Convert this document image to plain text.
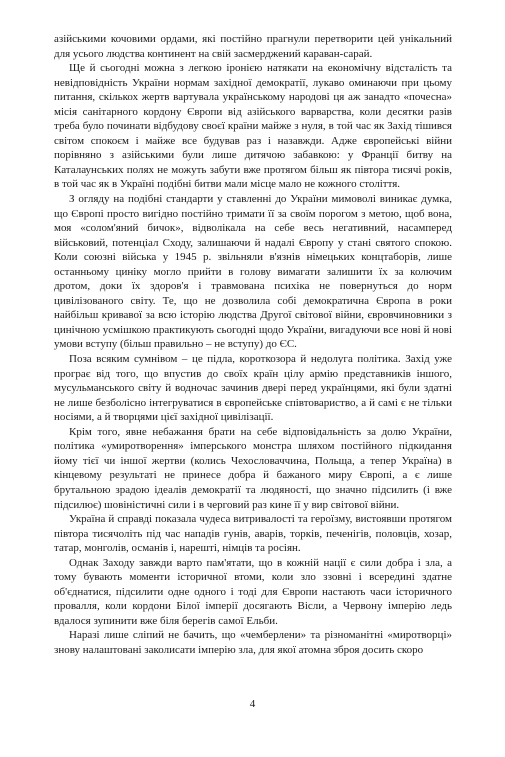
азійськими кочовими ордами, які постійно прагнули перетворити цей унікальний для усього людства континент на свій засмерджений караван-сарай.

Ще й сьогодні можна з легкою іронією натякати на економічну відсталість та невідповідність України нормам західної демократії, лукаво оминаючи при цьому питання, скількох жертв вартувала українському народові ця аж занадто «почесна» місія санітарного кордону Європи від азійського варварства, коли десятки разів треба було починати відбудову своєї країни майже з нуля, в той час як Захід тішився світом спокоєм і майже все будував раз і назавжди. Адже європейські війни порівняно з азійськими були лише дитячою забавкою: у Франції битву на Каталаунських полях не можуть забути вже протягом більш як півтора тисячі років, в той час як в Україні подібні битви мали місце мало не кожного століття.

З огляду на подібні стандарти у ставленні до України мимоволі виникає думка, що Європі просто вигідно постійно тримати її за своїм порогом з метою, щоб вона, моя «солом'яний бичок», відволікала на себе весь негативний, насамперед військовий, потенціал Сходу, залишаючи й надалі Європу у стані святого спокою. Коли союзні війська у 1945 р. звільняли в'язнів німецьких концтаборів, лише останньому цинiку могло прийти в голову вимагати залишити їх за колючим дротом, доки їх здоров'я і травмована психіка не повернуться до норм цивілізованого світу. Те, що не дозволила собі демократична Європа в роки найбільш кривавої за всю історію людства Другої світової війни, євровчиновники з цинічною усмішкою практикують сьогодні щодо України, вигадуючи все нові й нові умови вступу (більш правильно – не вступу) до ЄС.

Поза всяким сумнівом – це підла, короткозора й недолуга політика. Захід уже програє від того, що впустив до своїх країн цілу армію представників іншого, мусульманського світу й водночас зачинив двері перед українцями, які були здатні не лише безболісно інтегруватися в європейське співтовариство, а й самі є не тільки носіями, а й творцями цієї західної цивілізації.

Крім того, явне небажання брати на себе відповідальність за долю України, політика «умиротворення» імперського монстра шляхом постійного підкидання йому тієї чи іншої жертви (колись Чехословаччина, Польща, а тепер Україна) в кінцевому результаті не принесе добра й бажаного миру Європі, а є лише брутальною зрадою ідеалів демократії та людяності, що значно підсилить (і вже підсилює) шовіністичні сили і в черговий раз кине її у вир світової війни.

Україна й справді показала чудеса витривалості та героїзму, вистоявши протягом півтора тисячоліть під час нападів гунів, аварів, торків, печенігів, половців, хозар, татар, монголів, османів і, нарешті, німців та росіян.

Однак Заходу завжди варто пам'ятати, що в кожній нації є сили добра і зла, а тому бувають моменти історичної втоми, коли зло ззовні і всередині здатне об'єднатися, підсилити одне одного і тоді для Європи настають часи історичного провалля, коли кордони Білої імперії досягають Вісли, а Червону імперію ледь вдалося зупинити вже біля берегів самої Ельби.

Наразі лише сліпий не бачить, що «чемберлени» та різноманітні «миротворці» знову налаштовані заколисати імперію зла, для якої атомна зброя досить скоро

4
